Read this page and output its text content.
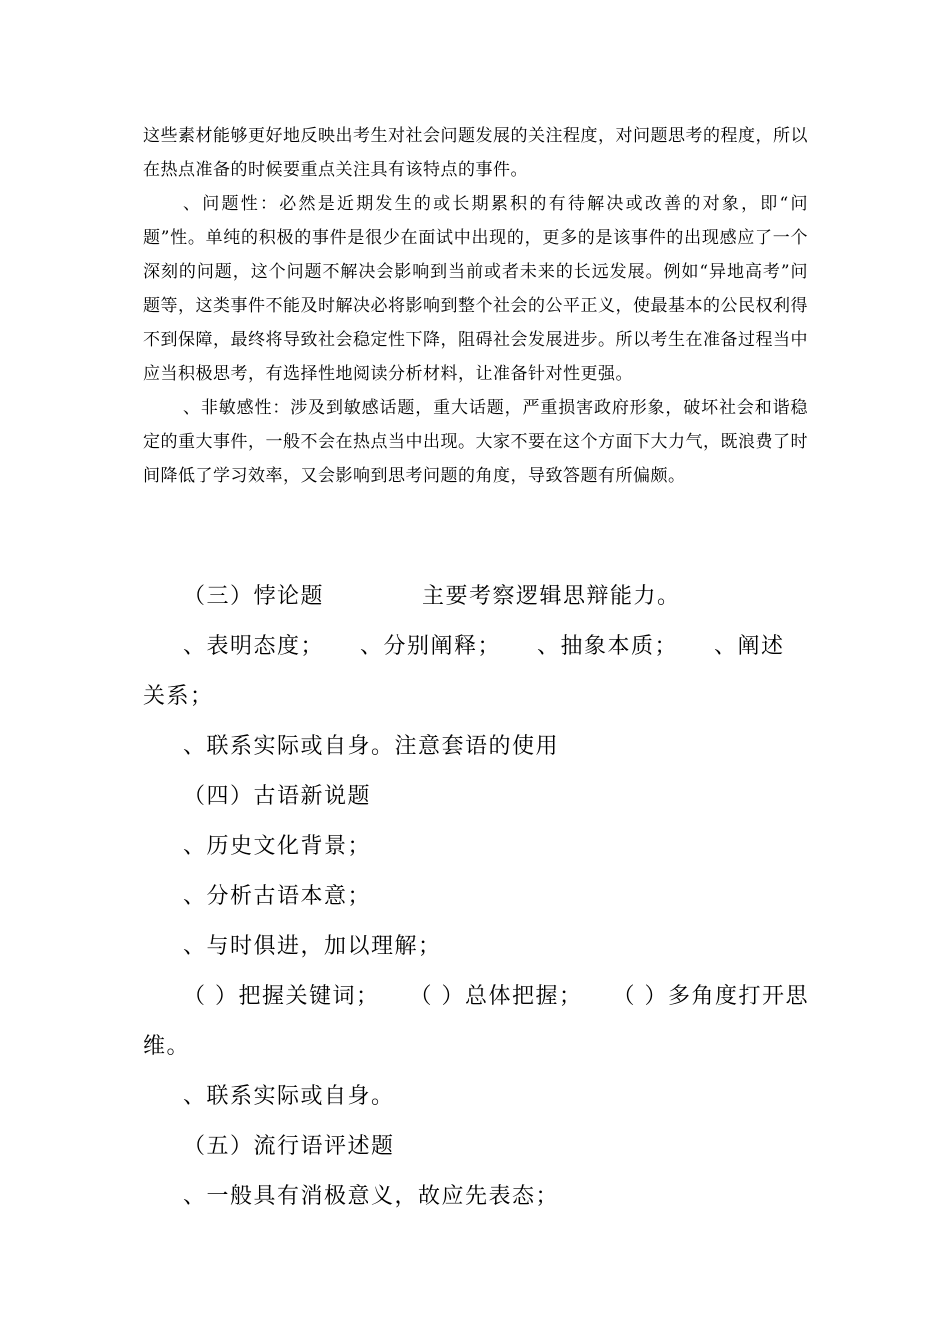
这些素材能够更好地反映出考生对社会问题发展的关注程度，对问题思考的程度，所以在热点准备的时候要重点关注具有该特点的事件。

、问题性：必然是近期发生的或长期累积的有待解决或改善的对象，即“问题”性。单纯的积极的事件是很少在面试中出现的，更多的是该事件的出现感应了一个深刻的问题，这个问题不解决会影响到当前或者未来的长远发展。例如“异地高考”问题等，这类事件不能及时解决必将影响到整个社会的公平正义，使最基本的公民权利得不到保障，最终将导致社会稳定性下降，阻碍社会发展进步。所以考生在准备过程当中应当积极思考，有选择性地阅读分析材料，让准备针对性更强。

、非敏感性：涉及到敏感话题，重大话题，严重损害政府形象，破坏社会和谐稳定的重大事件，一般不会在热点当中出现。大家不要在这个方面下大力气，既浪费了时间降低了学习效率，又会影响到思考问题的角度，导致答题有所偏颇。

（三）悖论题	主要考察逻辑思辩能力。

、表明态度； 、分别阐释； 、抽象本质； 、阐述

关系；

、联系实际或自身。注意套语的使用

（四）古语新说题

、历史文化背景；

、分析古语本意；

、与时俱进，加以理解；

（ ）把握关键词； （ ）总体把握； （ ）多角度打开思

维。

、联系实际或自身。

（五）流行语评述题

、一般具有消极意义，故应先表态；
